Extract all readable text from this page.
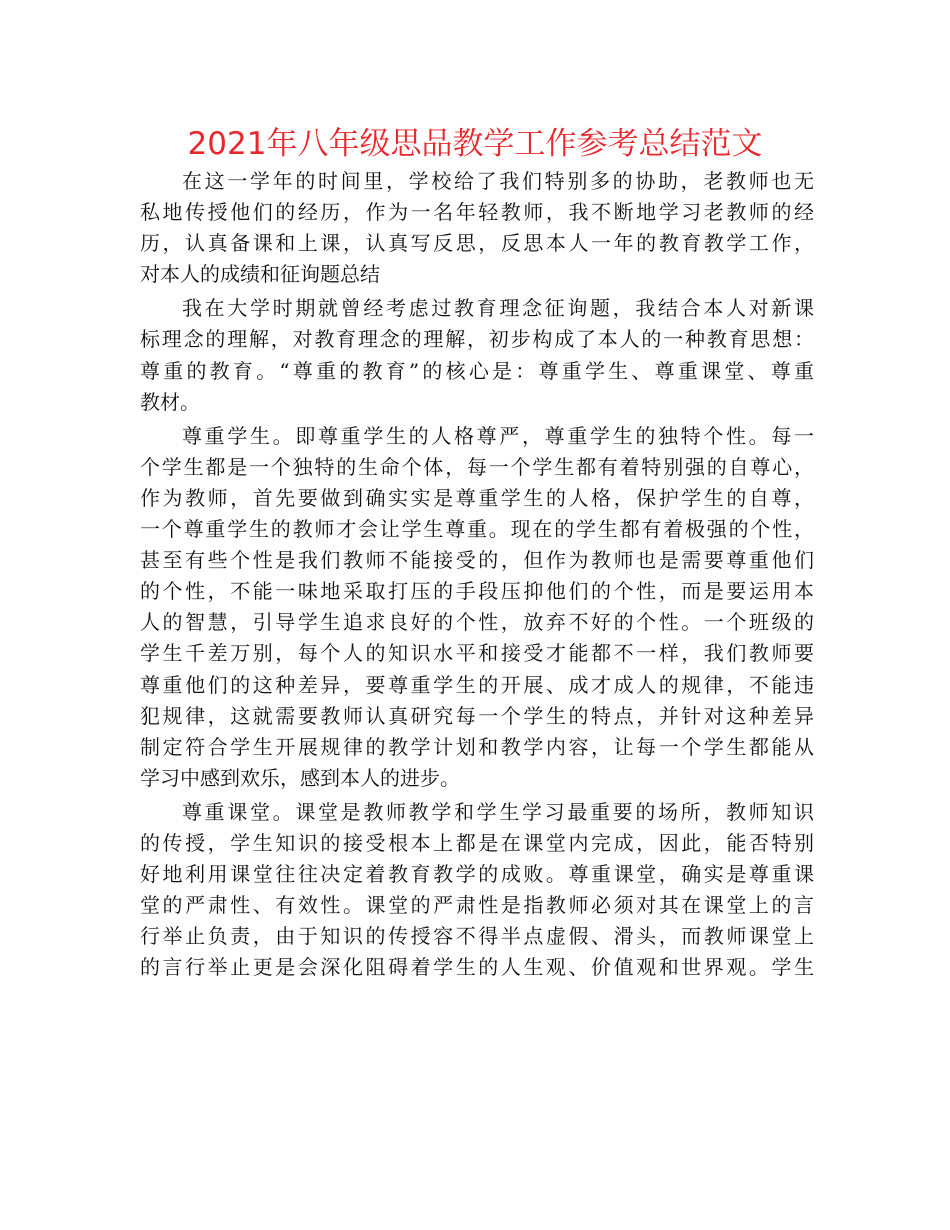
2021年八年级思品教学工作参考总结范文
在这一学年的时间里，学校给了我们特别多的协助，老教师也无
私地传授他们的经历，作为一名年轻教师，我不断地学习老教师的经
历，认真备课和上课，认真写反思，反思本人一年的教育教学工作，
对本人的成绩和征询题总结
我在大学时期就曾经考虑过教育理念征询题，我结合本人对新课
标理念的理解，对教育理念的理解，初步构成了本人的一种教育思想：
尊重的教育。“尊重的教育”的核心是：尊重学生、尊重课堂、尊重
教材。
尊重学生。即尊重学生的人格尊严，尊重学生的独特个性。每一
个学生都是一个独特的生命个体，每一个学生都有着特别强的自尊心，
作为教师，首先要做到确实实是尊重学生的人格，保护学生的自尊，
一个尊重学生的教师才会让学生尊重。现在的学生都有着极强的个性，
甚至有些个性是我们教师不能接受的，但作为教师也是需要尊重他们
的个性，不能一味地采取打压的手段压抑他们的个性，而是要运用本
人的智慧，引导学生追求良好的个性，放弃不好的个性。一个班级的
学生千差万别，每个人的知识水平和接受才能都不一样，我们教师要
尊重他们的这种差异，要尊重学生的开展、成才成人的规律，不能违
犯规律，这就需要教师认真研究每一个学生的特点，并针对这种差异
制定符合学生开展规律的教学计划和教学内容，让每一个学生都能从
学习中感到欢乐，感到本人的进步。
尊重课堂。课堂是教师教学和学生学习最重要的场所，教师知识
的传授，学生知识的接受根本上都是在课堂内完成，因此，能否特别
好地利用课堂往往决定着教育教学的成败。尊重课堂，确实是尊重课
堂的严肃性、有效性。课堂的严肃性是指教师必须对其在课堂上的言
行举止负责，由于知识的传授容不得半点虚假、滑头，而教师课堂上
的言行举止更是会深化阻碍着学生的人生观、价值观和世界观。学生
